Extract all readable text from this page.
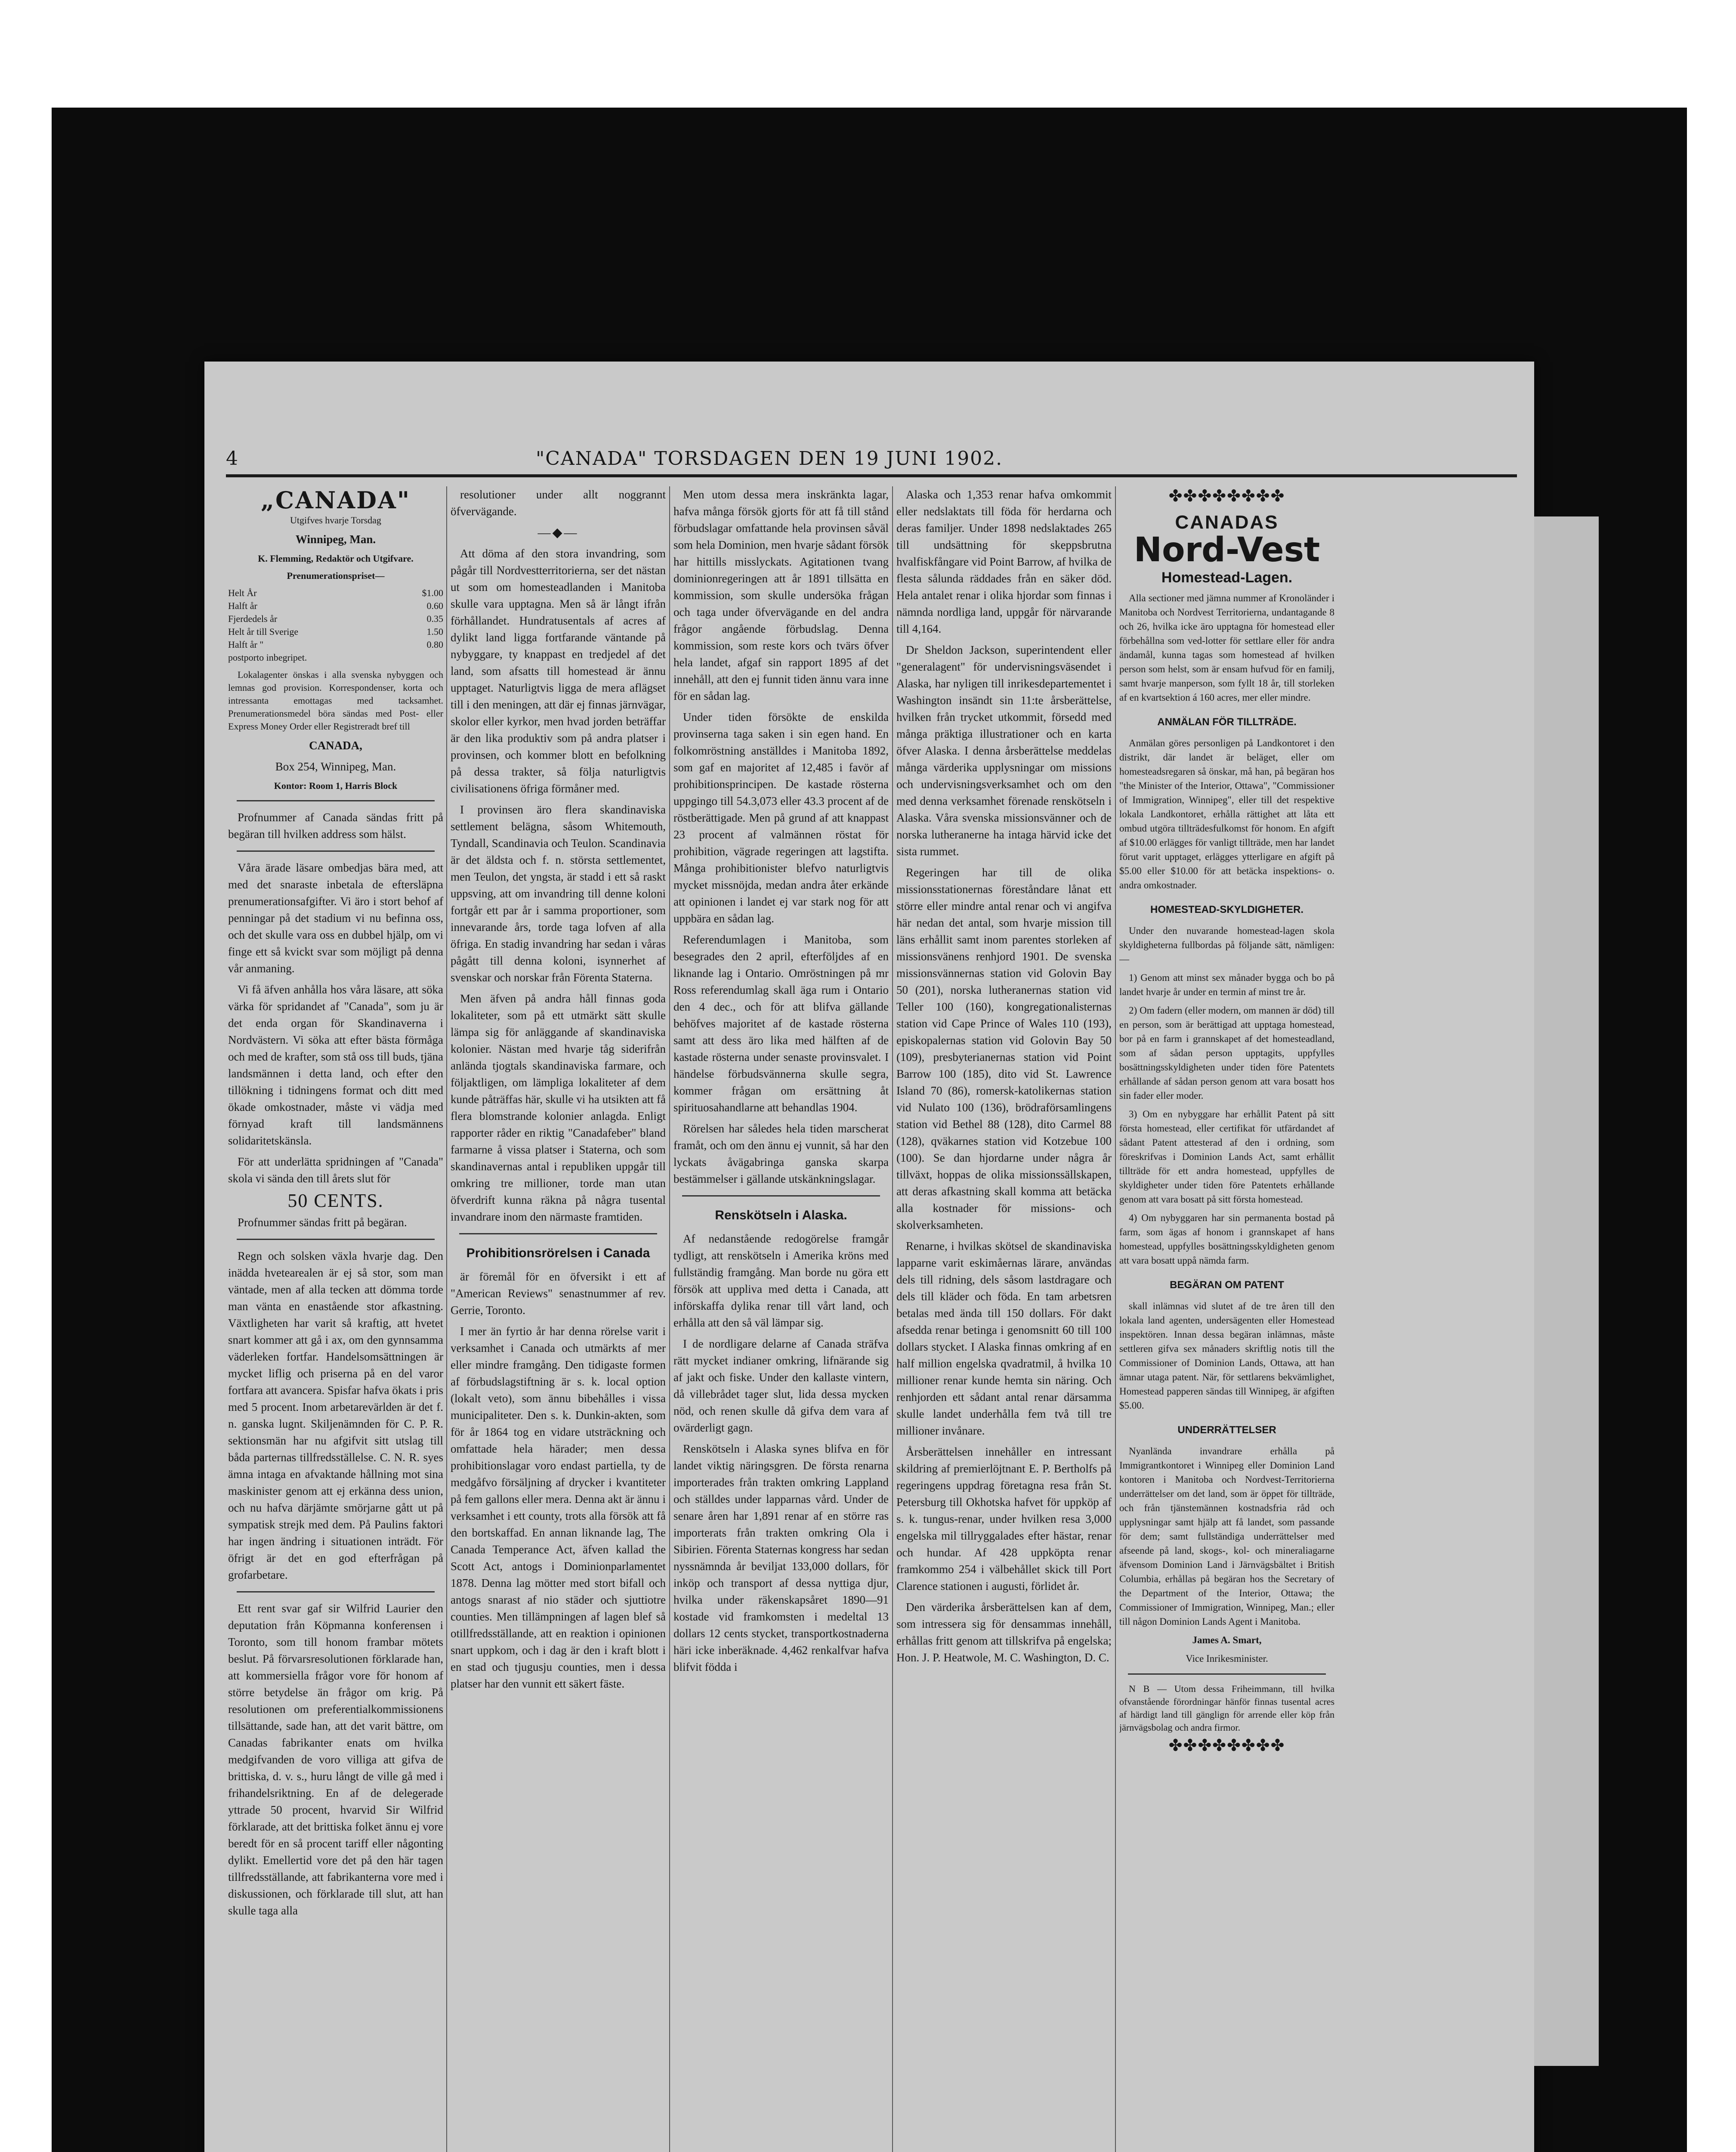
4	"CANADA" TORSDAGEN DEN 19 JUNI 1902.
„CANADA"

Utgifves hvarje Torsdag

Winnipeg, Man.

K. Flemming, Redaktör och Utgifvare.

Prenumerationspriset—

Helt År	$1.00
Halft år	0.60
Fjerdedels år	0.35
Helt år till Sverige	1.50
Halft år "	0.80
postporto inbegripet.

Lokalagenter önskas i alla svenska nybyggen och lemnas god provision. Korrespondenser, korta och intressanta emottagas med tacksamhet. Prenumerationsmedel böra sändas med Post- eller Express Money Order eller Registreradt bref till

CANADA,

Box 254, Winnipeg, Man.

Kontor: Room 1, Harris Block

Profnummer af Canada sändas fritt på begäran till hvilken address som hälst.

Våra ärade läsare ombedjas bära med, att med det snaraste inbetala de eftersläpna prenumerationsafgifter. Vi äro i stort behof af penningar på det stadium vi nu befinna oss, och det skulle vara oss en dubbel hjälp, om vi finge ett så kvickt svar som möjligt på denna vår anmaning.

Vi få äfven anhålla hos våra läsare, att söka värka för spridandet af "Canada", som ju är det enda organ för Skandinaverna i Nordvästern. Vi söka att efter bästa förmåga och med de krafter, som stå oss till buds, tjäna landsmännen i detta land, och efter den tillökning i tidningens format och ditt med ökade omkostnader, måste vi vädja med förnyad kraft till landsmännens solidaritetskänsla.

För att underlätta spridningen af "Canada" skola vi sända den till årets slut för

50 CENTS.

Profnummer sändas fritt på begäran.

Regn och solsken växla hvarje dag. Den inädda hvetearealen är ej så stor, som man väntade, men af alla tecken att dömma torde man vänta en enastående stor afkastning. Växtligheten har varit så kraftig, att hvetet snart kommer att gå i ax, om den gynnsamma väderleken fortfar. Handelsomsättningen är mycket liflig och priserna på en del varor fortfara att avancera. Spisfar hafva ökats i pris med 5 procent. Inom arbetarevärlden är det f. n. ganska lugnt. Skiljenämnden för C. P. R. sektionsmän har nu afgifvit sitt utslag till båda parternas tillfredsställelse. C. N. R. syes ämna intaga en afvaktande hållning mot sina maskinister genom att ej erkänna dess union, och nu hafva därjämte smörjarne gått ut på sympatisk strejk med dem. På Paulins faktori har ingen ändring i situationen inträdt. För öfrigt är det en god efterfrågan på grofarbetare.

Ett rent svar gaf sir Wilfrid Laurier den deputation från Köpmanna konferensen i Toronto, som till honom frambar mötets beslut. På förvarsresolutionen förklarade han, att kommersiella frågor vore för honom af större betydelse än frågor om krig. På resolutionen om preferentialkommissionens tillsättande, sade han, att det varit bättre, om Canadas fabrikanter enats om hvilka medgifvanden de voro villiga att gifva de brittiska, d. v. s., huru långt de ville gå med i frihandelsriktning. En af de delegerade yttrade 50 procent, hvarvid Sir Wilfrid förklarade, att det brittiska folket ännu ej vore beredt för en så procent tariff eller någonting dylikt. Emellertid vore det på den här tagen tillfredsställande, att fabrikanterna vore med i diskussionen, och förklarade till slut, att han skulle taga alla

resolutioner under allt noggrannt öfvervägande.

—◆—

Att döma af den stora invandring, som pågår till Nordvestterritorierna, ser det nästan ut som om homesteadlanden i Manitoba skulle vara upptagna. Men så är långt ifrån förhållandet. Hundratusentals af acres af dylikt land ligga fortfarande väntande på nybyggare, ty knappast en tredjedel af det land, som afsatts till homestead är ännu upptaget. Naturligtvis ligga de mera aflägset till i den meningen, att där ej finnas järnvägar, skolor eller kyrkor, men hvad jorden beträffar är den lika produktiv som på andra platser i provinsen, och kommer blott en befolkning på dessa trakter, så följa naturligtvis civilisationens öfriga förmåner med.

I provinsen äro flera skandinaviska settlement belägna, såsom Whitemouth, Tyndall, Scandinavia och Teulon. Scandinavia är det äldsta och f. n. största settlementet, men Teulon, det yngsta, är stadd i ett så raskt uppsving, att om invandring till denne koloni fortgår ett par år i samma proportioner, som innevarande års, torde taga lofven af alla öfriga. En stadig invandring har sedan i våras pågått till denna koloni, isynnerhet af svenskar och norskar från Förenta Staterna.

Men äfven på andra håll finnas goda lokaliteter, som på ett utmärkt sätt skulle lämpa sig för anläggande af skandinaviska kolonier. Nästan med hvarje tåg siderifrån anlända tjogtals skandinaviska farmare, och följaktligen, om lämpliga lokaliteter af dem kunde påträffas här, skulle vi ha utsikten att få flera blomstrande kolonier anlagda. Enligt rapporter råder en riktig "Canadafeber" bland farmarne å vissa platser i Staterna, och som skandinavernas antal i republiken uppgår till omkring tre millioner, torde man utan öfverdrift kunna räkna på några tusental invandrare inom den närmaste framtiden.

Prohibitionsrörelsen i Canada

är föremål för en öfversikt i ett af "American Reviews" senastnummer af rev. Gerrie, Toronto.

I mer än fyrtio år har denna rörelse varit i verksamhet i Canada och utmärkts af mer eller mindre framgång. Den tidigaste formen af förbudslagstiftning är s. k. local option (lokalt veto), som ännu bibehålles i vissa municipaliteter. Den s. k. Dunkin-akten, som för år 1864 tog en vidare utsträckning och omfattade hela härader; men dessa prohibitionslagar voro endast partiella, ty de medgåfvo försäljning af drycker i kvantiteter på fem gallons eller mera. Denna akt är ännu i verksamhet i ett county, trots alla försök att få den bortskaffad. En annan liknande lag, The Canada Temperance Act, äfven kallad the Scott Act, antogs i Dominionparlamentet 1878. Denna lag mötter med stort bifall och antogs snarast af nio städer och sjuttiotre counties. Men tillämpningen af lagen blef så otillfredsställande, att en reaktion i opinionen snart uppkom, och i dag är den i kraft blott i en stad och tjugusju counties, men i dessa platser har den vunnit ett säkert fäste.

Men utom dessa mera inskränkta lagar, hafva många försök gjorts för att få till stånd förbudslagar omfattande hela provinsen såväl som hela Dominion, men hvarje sådant försök har hittills misslyckats. Agitationen tvang dominionregeringen att år 1891 tillsätta en kommission, som skulle undersöka frågan och taga under öfvervägande en del andra frågor angående förbudslag. Denna kommission, som reste kors och tvärs öfver hela landet, afgaf sin rapport 1895 af det innehåll, att den ej funnit tiden ännu vara inne för en sådan lag.

Under tiden försökte de enskilda provinserna taga saken i sin egen hand. En folkomröstning anställdes i Manitoba 1892, som gaf en majoritet af 12,485 i favör af prohibitionsprincipen. De kastade rösterna uppgingo till 54.3,073 eller 43.3 procent af de röstberättigade. Men på grund af att knappast 23 procent af valmännen röstat för prohibition, vägrade regeringen att lagstifta. Många prohibitionister blefvo naturligtvis mycket missnöjda, medan andra åter erkände att opinionen i landet ej var stark nog för att uppbära en sådan lag.

Referendumlagen i Manitoba, som besegrades den 2 april, efterföljdes af en liknande lag i Ontario. Omröstningen på mr Ross referendumlag skall äga rum i Ontario den 4 dec., och för att blifva gällande behöfves majoritet af de kastade rösterna samt att dess äro lika med hälften af de kastade rösterna under senaste provinsvalet. I händelse förbudsvännerna skulle segra, kommer frågan om ersättning åt spirituosahandlarne att behandlas 1904.

Rörelsen har således hela tiden marscherat framåt, och om den ännu ej vunnit, så har den lyckats åvägabringa ganska skarpa bestämmelser i gällande utskänkningslagar.

Renskötseln i Alaska.

Af nedanstående redogörelse framgår tydligt, att renskötseln i Amerika kröns med fullständig framgång. Man borde nu göra ett försök att uppliva med detta i Canada, att införskaffa dylika renar till vårt land, och erhålla att den så väl lämpar sig.

I de nordligare delarne af Canada sträfva rätt mycket indianer omkring, lifnärande sig af jakt och fiske. Under den kallaste vintern, då villebrådet tager slut, lida dessa mycken nöd, och renen skulle då gifva dem vara af ovärderligt gagn.

Renskötseln i Alaska synes blifva en för landet viktig näringsgren. De första renarna importerades från trakten omkring Lappland och ställdes under lapparnas vård. Under de senare åren har 1,891 renar af en större ras importerats från trakten omkring Ola i Sibirien. Förenta Staternas kongress har sedan nyssnämnda år beviljat 133,000 dollars, för inköp och transport af dessa nyttiga djur, hvilka under räkenskapsåret 1890—91 kostade vid framkomsten i medeltal 13 dollars 12 cents stycket, transportkostnaderna häri icke inberäknade. 4,462 renkalfvar hafva blifvit födda i

Alaska och 1,353 renar hafva omkommit eller nedslaktats till föda för herdarna och deras familjer. Under 1898 nedslaktades 265 till undsättning för skeppsbrutna hvalfiskfångare vid Point Barrow, af hvilka de flesta sålunda räddades från en säker död. Hela antalet renar i olika hjordar som finnas i nämnda nordliga land, uppgår för närvarande till 4,164.

Dr Sheldon Jackson, superintendent eller "generalagent" för undervisningsväsendet i Alaska, har nyligen till inrikesdepartementet i Washington insändt sin 11:te årsberättelse, hvilken från trycket utkommit, försedd med många präktiga illustrationer och en karta öfver Alaska. I denna årsberättelse meddelas många värderika upplysningar om missions och undervisningsverksamhet och om den med denna verksamhet förenade renskötseln i Alaska. Våra svenska missionsvänner och de norska lutheranerne ha intaga härvid icke det sista rummet.

Regeringen har till de olika missionsstationernas föreståndare lånat ett större eller mindre antal renar och vi angifva här nedan det antal, som hvarje mission till läns erhållit samt inom parentes storleken af missionsvänens renhjord 1901. De svenska missionsvännernas station vid Golovin Bay 50 (201), norska lutheranernas station vid Teller 100 (160), kongregationalisternas station vid Cape Prince of Wales 110 (193), episkopalernas station vid Golovin Bay 50 (109), presbyterianernas station vid Point Barrow 100 (185), dito vid St. Lawrence Island 70 (86), romersk-katolikernas station vid Nulato 100 (136), brödraförsamlingens station vid Bethel 88 (128), dito Carmel 88 (128), qväkarnes station vid Kotzebue 100 (100). Se dan hjordarne under några år tillväxt, hoppas de olika missionssällskapen, att deras afkastning skall komma att betäcka alla kostnader för missions- och skolverksamheten.

Renarne, i hvilkas skötsel de skandinaviska lapparne varit eskimåernas lärare, användas dels till ridning, dels såsom lastdragare och dels till kläder och föda. En tam arbetsren betalas med ända till 150 dollars. För dakt afsedda renar betinga i genomsnitt 60 till 100 dollars stycket. I Alaska finnas omkring af en half million engelska qvadratmil, å hvilka 10 millioner renar kunde hemta sin näring. Och renhjorden ett sådant antal renar därsamma skulle landet underhålla fem två till tre millioner invånare.

Årsberättelsen innehåller en intressant skildring af premierlöjtnant E. P. Bertholfs på regeringens uppdrag företagna resa från St. Petersburg till Okhotska hafvet för uppköp af s. k. tungus-renar, under hvilken resa 3,000 engelska mil tillryggalades efter hästar, renar och hundar. Af 428 uppköpta renar framkommo 254 i välbehållet skick till Port Clarence stationen i augusti, förlidet år.

Den värderika årsberättelsen kan af dem, som intressera sig för densammas innehåll, erhållas fritt genom att tillskrifva på engelska; Hon. J. P. Heatwole, M. C. Washington, D. C.

✤✤✤✤✤✤✤✤
CANADAS
Nord-Vest
Homestead-Lagen.

Alla sectioner med jämna nummer af Kronoländer i Manitoba och Nordvest Territorierna, undantagande 8 och 26, hvilka icke äro upptagna för homestead eller förbehållna som ved-lotter för settlare eller för andra ändamål, kunna tagas som homestead af hvilken person som helst, som är ensam hufvud för en familj, samt hvarje manperson, som fyllt 18 år, till storleken af en kvartsektion á 160 acres, mer eller mindre.

ANMÄLAN FÖR TILLTRÄDE.

Anmälan göres personligen på Landkontoret i den distrikt, där landet är beläget, eller om homesteadsregaren så önskar, må han, på begäran hos "the Minister of the Interior, Ottawa", "Commissioner of Immigration, Winnipeg", eller till det respektive lokala Landkontoret, erhålla rättighet att låta ett ombud utgöra tillträdesfulkomst för honom. En afgift af $10.00 erlägges för vanligt tillträde, men har landet förut varit upptaget, erlägges ytterligare en afgift på $5.00 eller $10.00 för att betäcka inspektions- o. andra omkostnader.

HOMESTEAD-SKYLDIGHETER.

Under den nuvarande homestead-lagen skola skyldigheterna fullbordas på följande sätt, nämligen:—

1) Genom att minst sex månader bygga och bo på landet hvarje år under en termin af minst tre år.

2) Om fadern (eller modern, om mannen är död) till en person, som är berättigad att upptaga homestead, bor på en farm i grannskapet af det homesteadland, som af sådan person upptagits, uppfylles bosättningsskyldigheten under tiden före Patentets erhållande af sådan person genom att vara bosatt hos sin fader eller moder.

3) Om en nybyggare har erhållit Patent på sitt första homestead, eller certifikat för utfärdandet af sådant Patent attesterad af den i ordning, som föreskrifvas i Dominion Lands Act, samt erhållit tillträde för ett andra homestead, uppfylles de skyldigheter under tiden före Patentets erhållande genom att vara bosatt på sitt första homestead.

4) Om nybyggaren har sin permanenta bostad på farm, som ägas af honom i grannskapet af hans homestead, uppfylles bosättningsskyldigheten genom att vara bosatt uppå nämda farm.

BEGÄRAN OM PATENT

skall inlämnas vid slutet af de tre åren till den lokala land agenten, undersägenten eller Homestead inspektören. Innan dessa begäran inlämnas, måste settleren gifva sex månaders skriftlig notis till the Commissioner of Dominion Lands, Ottawa, att han ämnar utaga patent. När, för settlarens bekvämlighet, Homestead papperen sändas till Winnipeg, är afgiften $5.00.

UNDERRÄTTELSER

Nyanlända invandrare erhålla på Immigrantkontoret i Winnipeg eller Dominion Land kontoren i Manitoba och Nordvest-Territorierna underrättelser om det land, som är öppet för tillträde, och från tjänstemännen kostnadsfria råd och upplysningar samt hjälp att få landet, som passande för dem; samt fullständiga underrättelser med afseende på land, skogs-, kol- och mineraliagarne äfvensom Dominion Land i Järnvägsbältet i British Columbia, erhållas på begäran hos the Secretary of the Department of the Interior, Ottawa; the Commissioner of Immigration, Winnipeg, Man.; eller till någon Dominion Lands Agent i Manitoba.

James A. Smart,

Vice Inrikesminister.

N B — Utom dessa Friheimmann, till hvilka ofvanstående förordningar hänför finnas tusental acres af härdigt land till gänglign för arrende eller köp från järnvägsbolag och andra firmor.

✤✤✤✤✤✤✤✤
